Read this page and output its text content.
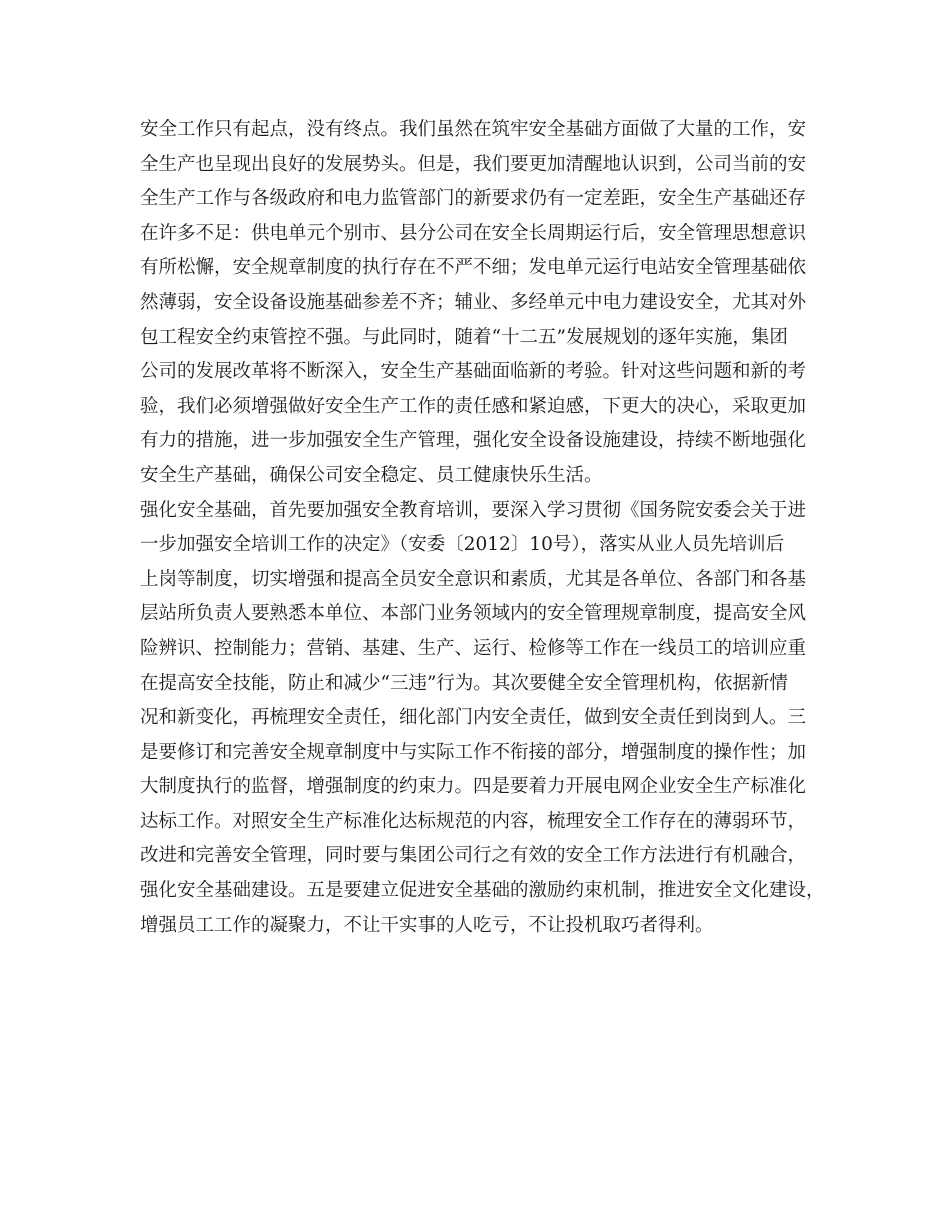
安全工作只有起点，没有终点。我们虽然在筑牢安全基础方面做了大量的工作，安
全生产也呈现出良好的发展势头。但是，我们要更加清醒地认识到，公司当前的安
全生产工作与各级政府和电力监管部门的新要求仍有一定差距，安全生产基础还存
在许多不足：供电单元个别市、县分公司在安全长周期运行后，安全管理思想意识
有所松懈，安全规章制度的执行存在不严不细；发电单元运行电站安全管理基础依
然薄弱，安全设备设施基础参差不齐；辅业、多经单元中电力建设安全，尤其对外
包工程安全约束管控不强。与此同时，随着“十二五”发展规划的逐年实施，集团
公司的发展改革将不断深入，安全生产基础面临新的考验。针对这些问题和新的考
验，我们必须增强做好安全生产工作的责任感和紧迫感，下更大的决心，采取更加
有力的措施，进一步加强安全生产管理，强化安全设备设施建设，持续不断地强化
安全生产基础，确保公司安全稳定、员工健康快乐生活。
强化安全基础，首先要加强安全教育培训，要深入学习贯彻《国务院安委会关于进
一步加强安全培训工作的决定》（安委〔2012〕10号），落实从业人员先培训后
上岗等制度，切实增强和提高全员安全意识和素质，尤其是各单位、各部门和各基
层站所负责人要熟悉本单位、本部门业务领域内的安全管理规章制度，提高安全风
险辨识、控制能力；营销、基建、生产、运行、检修等工作在一线员工的培训应重
在提高安全技能，防止和减少“三违”行为。其次要健全安全管理机构，依据新情
况和新变化，再梳理安全责任，细化部门内安全责任，做到安全责任到岗到人。三
是要修订和完善安全规章制度中与实际工作不衔接的部分，增强制度的操作性；加
大制度执行的监督，增强制度的约束力。四是要着力开展电网企业安全生产标准化
达标工作。对照安全生产标准化达标规范的内容，梳理安全工作存在的薄弱环节，
改进和完善安全管理，同时要与集团公司行之有效的安全工作方法进行有机融合，
强化安全基础建设。五是要建立促进安全基础的激励约束机制，推进安全文化建设，
增强员工工作的凝聚力，不让干实事的人吃亏，不让投机取巧者得利。
